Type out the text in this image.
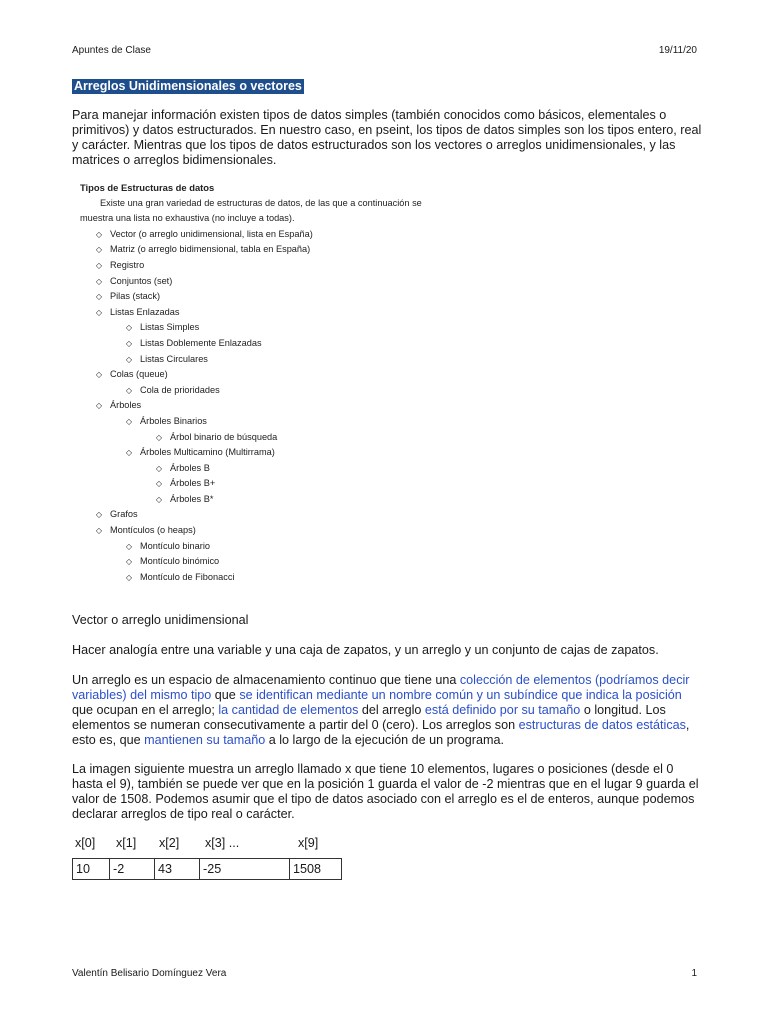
Apuntes de Clase	19/11/20
Arreglos Unidimensionales o vectores
Para manejar información existen tipos de datos simples (también conocidos como básicos, elementales o primitivos) y datos estructurados. En nuestro caso, en pseint, los tipos de datos simples son los tipos entero, real y carácter. Mientras que los tipos de datos estructurados son los vectores o arreglos unidimensionales, y las matrices o arreglos bidimensionales.
Tipos de Estructuras de datos
Existe una gran variedad de estructuras de datos, de las que a continuación se
muestra una lista no exhaustiva (no incluye a todas).
◇ Vector (o arreglo unidimensional, lista en España)
◇ Matriz (o arreglo bidimensional, tabla en España)
◇ Registro
◇ Conjuntos (set)
◇ Pilas (stack)
◇ Listas Enlazadas
◇ Listas Simples
◇ Listas Doblemente Enlazadas
◇ Listas Circulares
◇ Colas (queue)
◇ Cola de prioridades
◇ Árboles
◇ Árboles Binarios
◇ Árbol binario de búsqueda
◇ Árboles Multicamino (Multirrama)
◇ Árboles B
◇ Árboles B+
◇ Árboles B*
◇ Grafos
◇ Montículos (o heaps)
◇ Montículo binario
◇ Montículo binómico
◇ Montículo de Fibonacci
Vector o arreglo unidimensional
Hacer analogía entre una variable y una caja de zapatos, y un arreglo y un conjunto de cajas de zapatos.
Un arreglo es un espacio de almacenamiento continuo que tiene una colección de elementos (podríamos decir variables) del mismo tipo que se identifican mediante un nombre común y un subíndice que indica la posición que ocupan en el arreglo; la cantidad de elementos del arreglo está definido por su tamaño o longitud. Los elementos se numeran consecutivamente a partir del 0 (cero). Los arreglos son estructuras de datos estáticas, esto es, que mantienen su tamaño a lo largo de la ejecución de un programa.
La imagen siguiente muestra un arreglo llamado x que tiene 10 elementos, lugares o posiciones (desde el 0 hasta el 9), también se puede ver que en la posición 1 guarda el valor de -2 mientras que en el lugar 9 guarda el valor de 1508. Podemos asumir que el tipo de datos asociado con el arreglo es el de enteros, aunque podemos declarar arreglos de tipo real o carácter.
x[0] x[1] x[2] x[3] ...	x[9]
10	-2	43	-25	1508
Valentín Belisario Domínguez Vera	1
